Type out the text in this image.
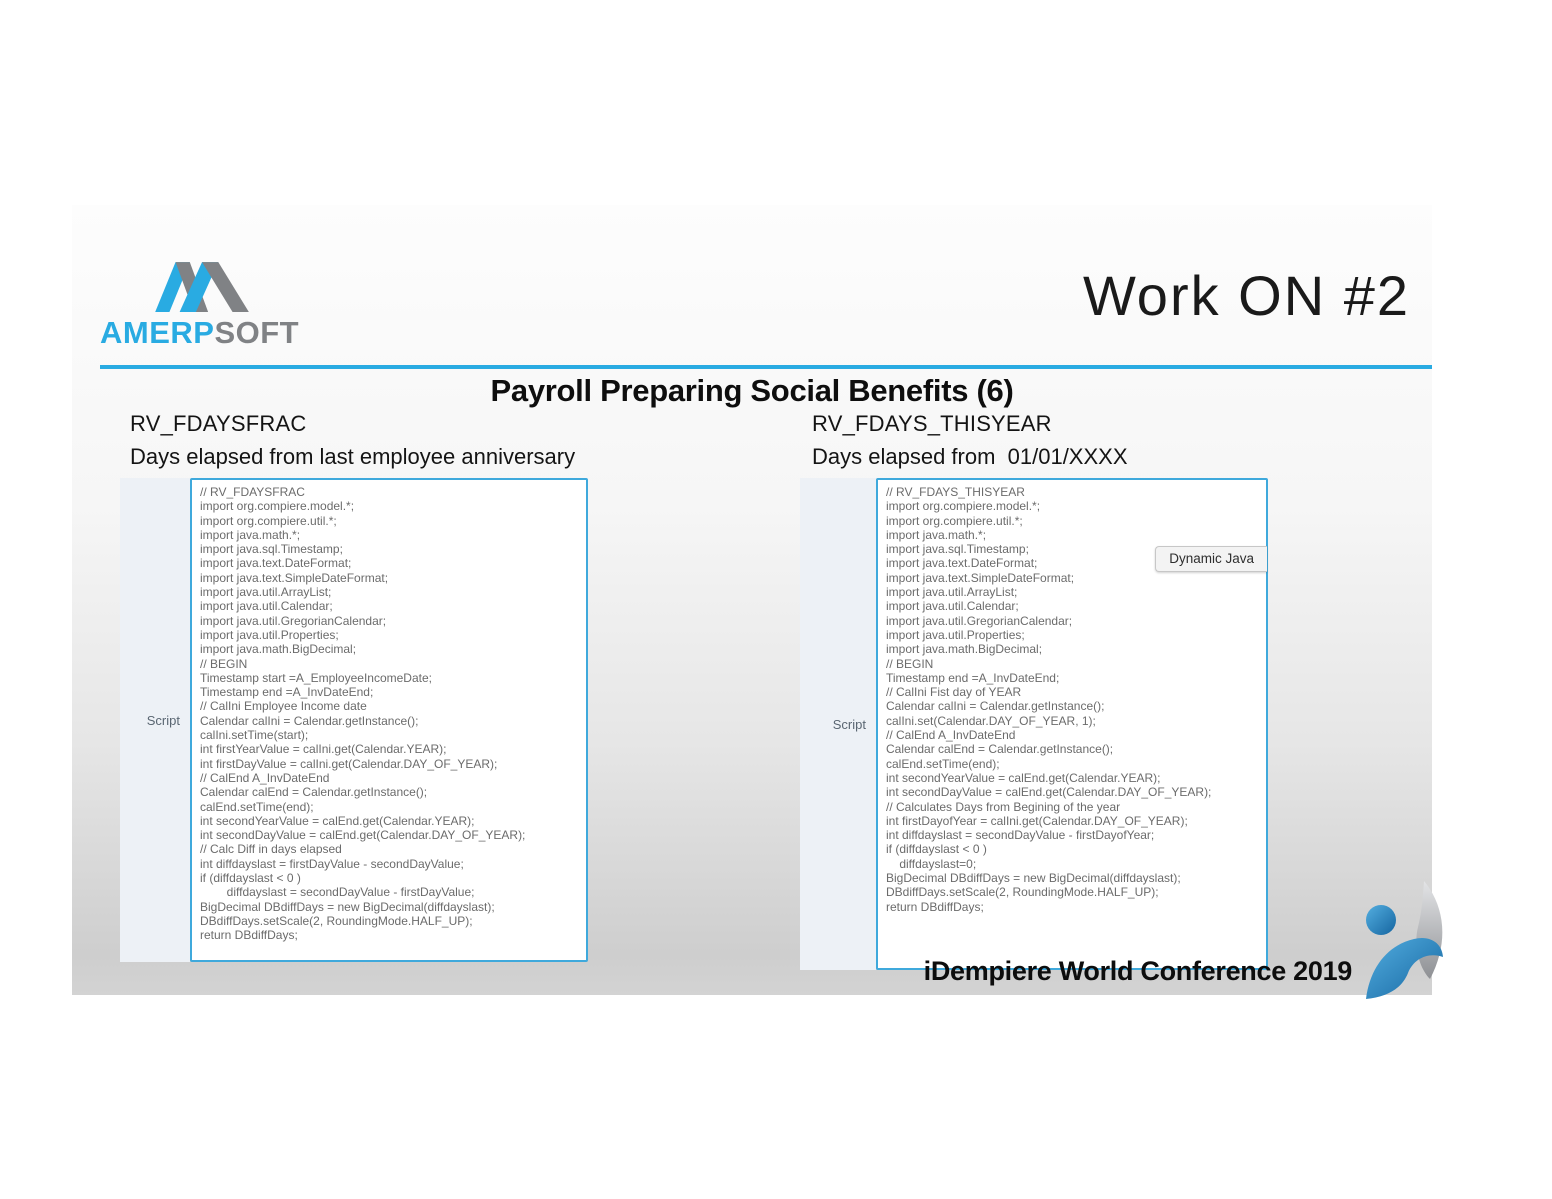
AMERPSOFT
Work ON #2
Payroll Preparing Social Benefits (6)
RV_FDAYSFRAC
Days elapsed from last employee anniversary
RV_FDAYS_THISYEAR
Days elapsed from  01/01/XXXX
Script
// RV_FDAYSFRAC
import org.compiere.model.*;
import org.compiere.util.*;
import java.math.*;
import java.sql.Timestamp;
import java.text.DateFormat;
import java.text.SimpleDateFormat;
import java.util.ArrayList;
import java.util.Calendar;
import java.util.GregorianCalendar;
import java.util.Properties;
import java.math.BigDecimal;
// BEGIN
Timestamp start =A_EmployeeIncomeDate;
Timestamp end =A_InvDateEnd;
// CalIni Employee Income date
Calendar calIni = Calendar.getInstance();
calIni.setTime(start);
int firstYearValue = calIni.get(Calendar.YEAR);
int firstDayValue = calIni.get(Calendar.DAY_OF_YEAR);
// CalEnd A_InvDateEnd
Calendar calEnd = Calendar.getInstance();
calEnd.setTime(end);
int secondYearValue = calEnd.get(Calendar.YEAR);
int secondDayValue = calEnd.get(Calendar.DAY_OF_YEAR);
// Calc Diff in days elapsed
int diffdayslast = firstDayValue - secondDayValue;
if (diffdayslast < 0 )
diffdayslast = secondDayValue - firstDayValue;
BigDecimal DBdiffDays = new BigDecimal(diffdayslast);
DBdiffDays.setScale(2, RoundingMode.HALF_UP);
return DBdiffDays;
Script
// RV_FDAYS_THISYEAR
import org.compiere.model.*;
import org.compiere.util.*;
import java.math.*;
import java.sql.Timestamp;
import java.text.DateFormat;
import java.text.SimpleDateFormat;
import java.util.ArrayList;
import java.util.Calendar;
import java.util.GregorianCalendar;
import java.util.Properties;
import java.math.BigDecimal;
// BEGIN
Timestamp end =A_InvDateEnd;
// CalIni Fist day of YEAR
Calendar calIni = Calendar.getInstance();
calIni.set(Calendar.DAY_OF_YEAR, 1);
// CalEnd A_InvDateEnd
Calendar calEnd = Calendar.getInstance();
calEnd.setTime(end);
int secondYearValue = calEnd.get(Calendar.YEAR);
int secondDayValue = calEnd.get(Calendar.DAY_OF_YEAR);
// Calculates Days from Begining of the year
int firstDayofYear = calIni.get(Calendar.DAY_OF_YEAR);
int diffdayslast = secondDayValue - firstDayofYear;
if (diffdayslast < 0 )
diffdayslast=0;
BigDecimal DBdiffDays = new BigDecimal(diffdayslast);
DBdiffDays.setScale(2, RoundingMode.HALF_UP);
return DBdiffDays;
Dynamic Java
iDempiere World Conference 2019
